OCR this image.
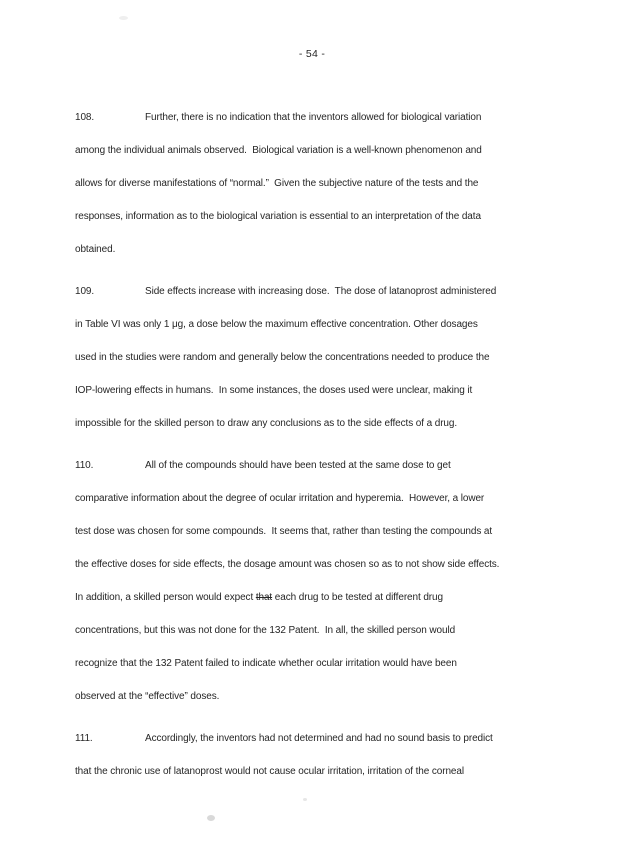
- 54 -
108.	Further, there is no indication that the inventors allowed for biological variation
among the individual animals observed.  Biological variation is a well-known phenomenon and
allows for diverse manifestations of “normal.”  Given the subjective nature of the tests and the
responses, information as to the biological variation is essential to an interpretation of the data
obtained.
109.	Side effects increase with increasing dose.  The dose of latanoprost administered
in Table VI was only 1 μg, a dose below the maximum effective concentration. Other dosages
used in the studies were random and generally below the concentrations needed to produce the
IOP-lowering effects in humans.  In some instances, the doses used were unclear, making it
impossible for the skilled person to draw any conclusions as to the side effects of a drug.
110.	All of the compounds should have been tested at the same dose to get
comparative information about the degree of ocular irritation and hyperemia.  However, a lower
test dose was chosen for some compounds.  It seems that, rather than testing the compounds at
the effective doses for side effects, the dosage amount was chosen so as to not show side effects.
In addition, a skilled person would expect that each drug to be tested at different drug
concentrations, but this was not done for the 132 Patent.  In all, the skilled person would
recognize that the 132 Patent failed to indicate whether ocular irritation would have been
observed at the “effective” doses.
111.	Accordingly, the inventors had not determined and had no sound basis to predict
that the chronic use of latanoprost would not cause ocular irritation, irritation of the corneal
